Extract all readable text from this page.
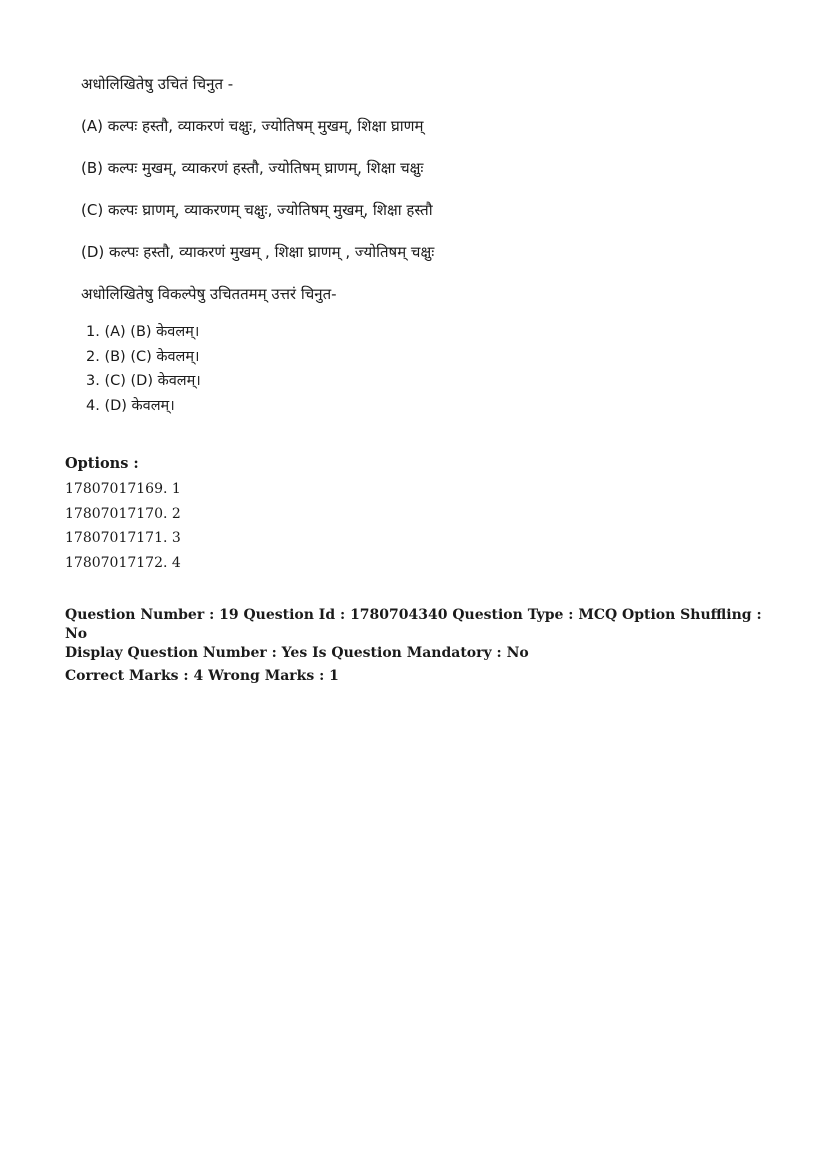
अधोलिखितेषु उचितं चिनुत -

(A) कल्पः हस्तौ, व्याकरणं चक्षुः, ज्योतिषम् मुखम्, शिक्षा घ्राणम्

(B) कल्पः मुखम्, व्याकरणं हस्तौ, ज्योतिषम् घ्राणम्, शिक्षा चक्षुः

(C) कल्पः घ्राणम्, व्याकरणम् चक्षुः, ज्योतिषम् मुखम्, शिक्षा हस्तौ

(D) कल्पः हस्तौ, व्याकरणं मुखम् , शिक्षा घ्राणम् , ज्योतिषम् चक्षुः

अधोलिखितेषु विकल्पेषु उचिततमम् उत्तरं चिनुत-

1. (A) (B) केवलम्।
2. (B) (C) केवलम्।
3. (C) (D) केवलम्।
4. (D) केवलम्।
Options :
17807017169. 1
17807017170. 2
17807017171. 3
17807017172. 4
Question Number : 19 Question Id : 1780704340 Question Type : MCQ Option Shuffling : No
Display Question Number : Yes Is Question Mandatory : No
Correct Marks : 4 Wrong Marks : 1
